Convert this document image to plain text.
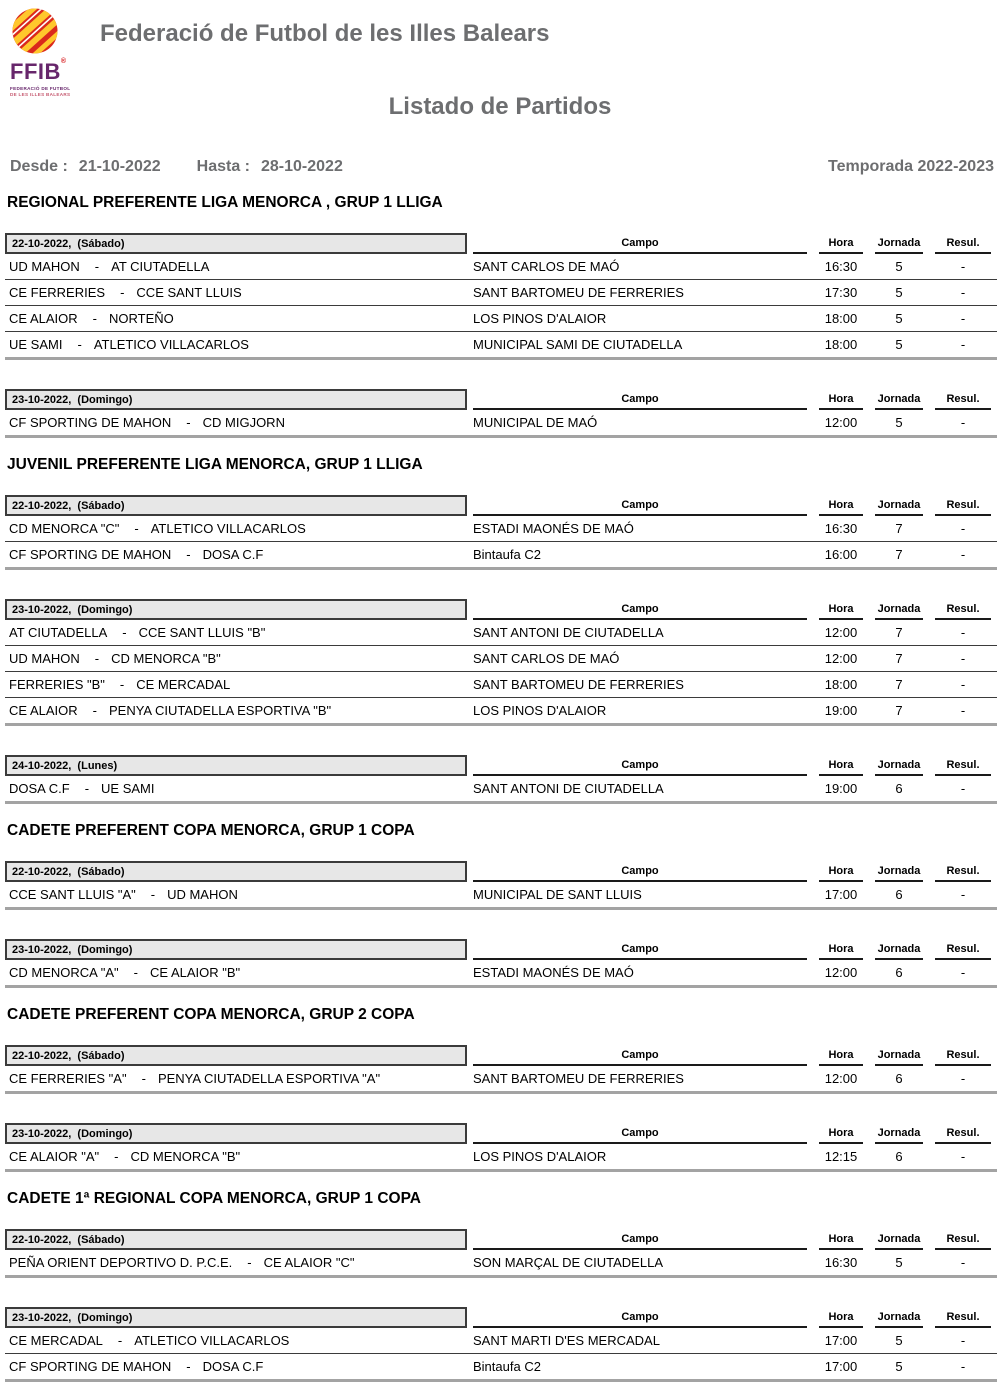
FFIB®
FEDERACIÓ DE FUTBOL
DE LES ILLES BALEARS
Federació de Futbol de les Illes Balears
Listado de Partidos
Desde : 21-10-2022 Hasta : 28-10-2022	Temporada 2022-2023
REGIONAL PREFERENTE LIGA MENORCA , GRUP 1 LLIGA
22-10-2022,  (Sábado)	Campo	Hora	Jornada	Resul.
UD MAHON - AT CIUTADELLA	SANT CARLOS DE MAÓ	16:30	5	-
CE FERRERIES - CCE SANT LLUIS	SANT BARTOMEU DE FERRERIES	17:30	5	-
CE ALAIOR - NORTEÑO	LOS PINOS D'ALAIOR	18:00	5	-
UE SAMI - ATLETICO VILLACARLOS	MUNICIPAL SAMI DE CIUTADELLA	18:00	5	-
23-10-2022,  (Domingo)	Campo	Hora	Jornada	Resul.
CF SPORTING DE MAHON - CD MIGJORN	MUNICIPAL DE MAÓ	12:00	5	-
JUVENIL PREFERENTE LIGA MENORCA, GRUP 1 LLIGA
22-10-2022,  (Sábado)	Campo	Hora	Jornada	Resul.
CD MENORCA "C" - ATLETICO VILLACARLOS	ESTADI MAONÉS DE MAÓ	16:30	7	-
CF SPORTING DE MAHON - DOSA C.F	Bintaufa C2	16:00	7	-
23-10-2022,  (Domingo)	Campo	Hora	Jornada	Resul.
AT CIUTADELLA - CCE SANT LLUIS "B"	SANT ANTONI DE CIUTADELLA	12:00	7	-
UD MAHON - CD MENORCA "B"	SANT CARLOS DE MAÓ	12:00	7	-
FERRERIES "B" - CE MERCADAL	SANT BARTOMEU DE FERRERIES	18:00	7	-
CE ALAIOR - PENYA CIUTADELLA ESPORTIVA "B"	LOS PINOS D'ALAIOR	19:00	7	-
24-10-2022,  (Lunes)	Campo	Hora	Jornada	Resul.
DOSA C.F - UE SAMI	SANT ANTONI DE CIUTADELLA	19:00	6	-
CADETE PREFERENT COPA MENORCA, GRUP 1 COPA
22-10-2022,  (Sábado)	Campo	Hora	Jornada	Resul.
CCE SANT LLUIS "A" - UD MAHON	MUNICIPAL DE SANT LLUIS	17:00	6	-
23-10-2022,  (Domingo)	Campo	Hora	Jornada	Resul.
CD MENORCA "A" - CE ALAIOR "B"	ESTADI MAONÉS DE MAÓ	12:00	6	-
CADETE PREFERENT COPA MENORCA, GRUP 2 COPA
22-10-2022,  (Sábado)	Campo	Hora	Jornada	Resul.
CE FERRERIES "A" - PENYA CIUTADELLA ESPORTIVA "A"	SANT BARTOMEU DE FERRERIES	12:00	6	-
23-10-2022,  (Domingo)	Campo	Hora	Jornada	Resul.
CE ALAIOR "A" - CD MENORCA "B"	LOS PINOS D'ALAIOR	12:15	6	-
CADETE 1ª REGIONAL COPA MENORCA, GRUP 1 COPA
22-10-2022,  (Sábado)	Campo	Hora	Jornada	Resul.
PEÑA ORIENT DEPORTIVO D. P.C.E. - CE ALAIOR "C"	SON MARÇAL DE CIUTADELLA	16:30	5	-
23-10-2022,  (Domingo)	Campo	Hora	Jornada	Resul.
CE MERCADAL - ATLETICO VILLACARLOS	SANT MARTI D'ES MERCADAL	17:00	5	-
CF SPORTING DE MAHON - DOSA C.F	Bintaufa C2	17:00	5	-
